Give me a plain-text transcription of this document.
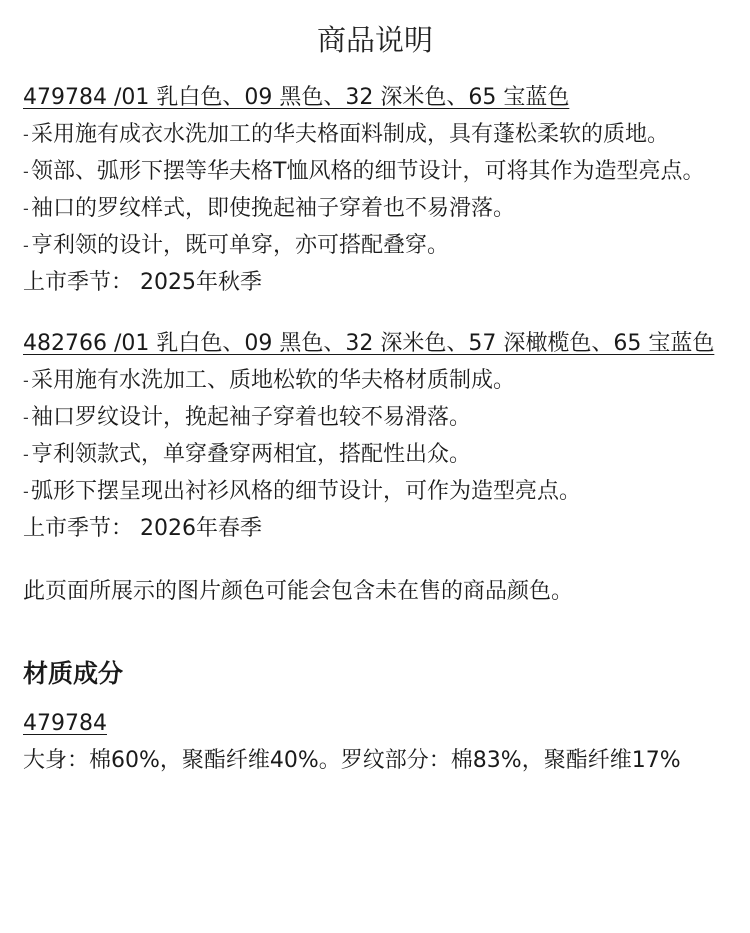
商品说明
479784 /01 乳白色、09 黑色、32 深米色、65 宝蓝色
- 采用施有成衣水洗加工的华夫格面料制成，具有蓬松柔软的质地。
- 领部、弧形下摆等华夫格T恤风格的细节设计，可将其作为造型亮点。
- 袖口的罗纹样式，即使挽起袖子穿着也不易滑落。
- 亨利领的设计，既可单穿，亦可搭配叠穿。
上市季节： 2025年秋季
482766 /01 乳白色、09 黑色、32 深米色、57 深橄榄色、65 宝蓝色
- 采用施有水洗加工、质地松软的华夫格材质制成。
- 袖口罗纹设计，挽起袖子穿着也较不易滑落。
- 亨利领款式，单穿叠穿两相宜，搭配性出众。
- 弧形下摆呈现出衬衫风格的细节设计，可作为造型亮点。
上市季节： 2026年春季
此页面所展示的图片颜色可能会包含未在售的商品颜色。
材质成分
479784
大身：棉60%，聚酯纤维40%。罗纹部分：棉83%，聚酯纤维17%
